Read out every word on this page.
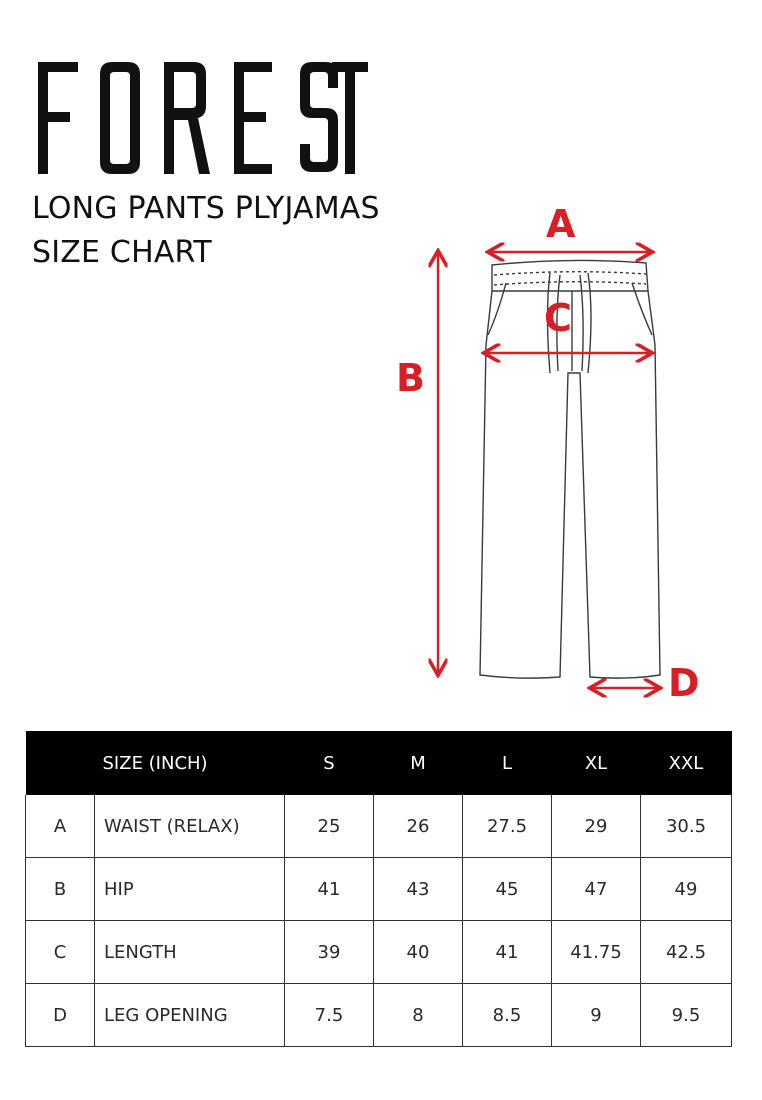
LONG PANTS PLYJAMAS
SIZE CHART
A
C
B
D
	SIZE (INCH)	S	M	L	XL	XXL
A	WAIST (RELAX)	25	26	27.5	29	30.5
B	HIP	41	43	45	47	49
C	LENGTH	39	40	41	41.75	42.5
D	LEG OPENING	7.5	8	8.5	9	9.5
